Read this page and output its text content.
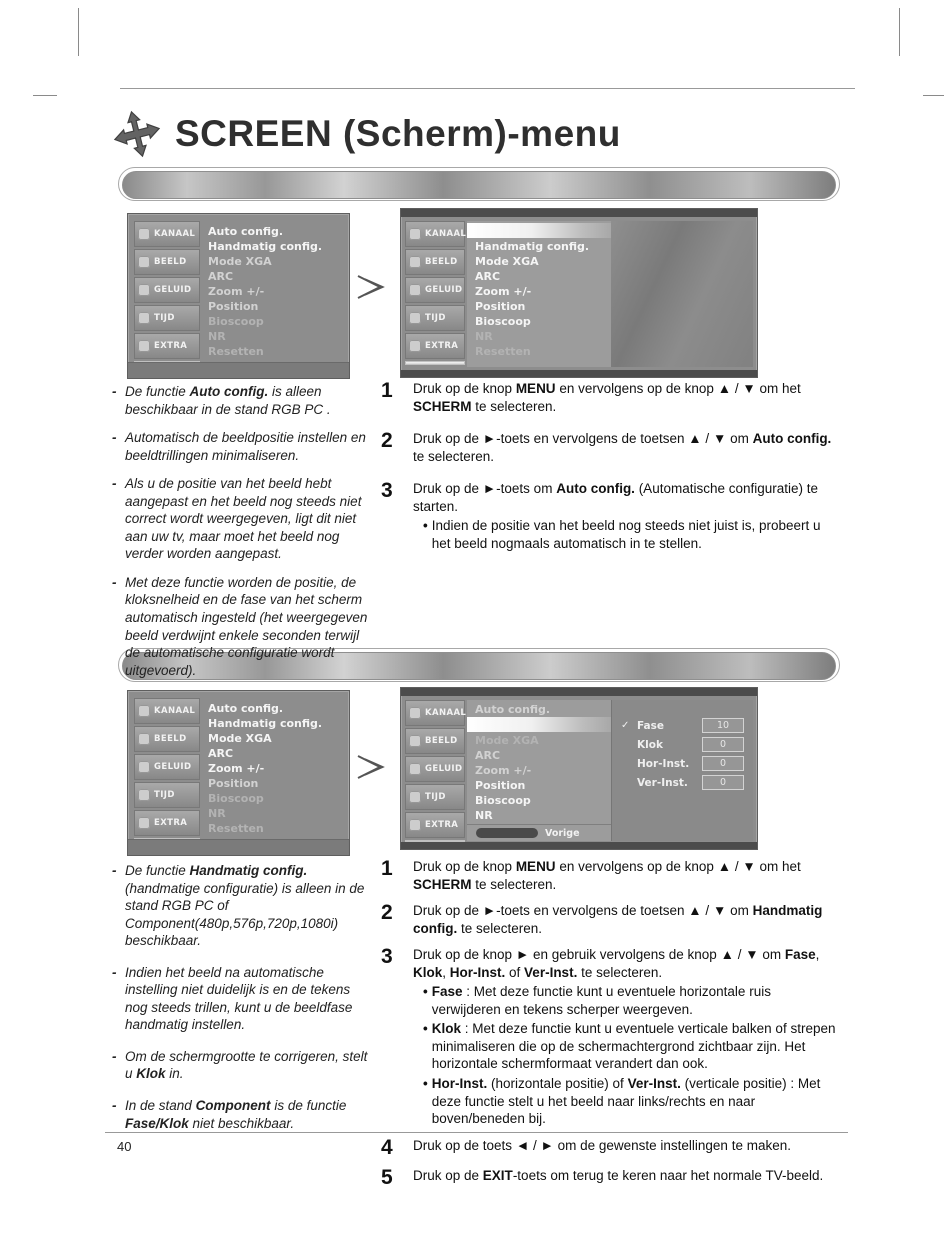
SCREEN (Scherm)-menu
KANAAL
BEELD
GELUID
TIJD
EXTRA
Auto config.
Handmatig config.
Mode XGA
ARC
Zoom +/-
Position
Bioscoop
NR
Resetten
KANAAL
BEELD
GELUID
TIJD
EXTRA
Handmatig config.
Mode XGA
ARC
Zoom +/-
Position
Bioscoop
NR
Resetten
- De functie Auto config. is alleen beschikbaar in de stand RGB PC .
- Automatisch de beeldpositie instellen en beeldtrillingen minimaliseren.
- Als u de positie van het beeld hebt aangepast en het beeld nog steeds niet correct wordt weergegeven, ligt dit niet aan uw tv, maar moet het beeld nog verder worden aangepast.
- Met deze functie worden de positie, de kloksnelheid en de fase van het scherm automatisch ingesteld (het weergegeven beeld verdwijnt enkele seconden terwijl de automatische configuratie wordt uitgevoerd).
1	Druk op de knop MENU en vervolgens op de knop ▲ / ▼ om het SCHERM te selecteren.
2	Druk op de ►-toets en vervolgens de toetsen ▲ / ▼ om Auto config. te selecteren.
3	Druk op de ►-toets om Auto config. (Automatische configuratie) te starten.
• Indien de positie van het beeld nog steeds niet juist is, probeert u het beeld nogmaals automatisch in te stellen.
KANAAL
BEELD
GELUID
TIJD
EXTRA
Auto config.
Handmatig config.
Mode XGA
ARC
Zoom +/-
Position
Bioscoop
NR
Resetten
KANAAL
BEELD
GELUID
TIJD
EXTRA
Auto config.
Mode XGA
ARC
Zoom +/-
Position
Bioscoop
NR
Vorige
✓ Fase	10
Klok	0
Hor-Inst.	0
Ver-Inst.	0
- De functie Handmatig config. (handmatige configuratie) is alleen in de stand RGB PC of Component(480p,576p,720p,1080i) beschikbaar.
- Indien het beeld na automatische instelling niet duidelijk is en de tekens nog steeds trillen, kunt u de beeldfase handmatig instellen.
- Om de schermgrootte te corrigeren, stelt u Klok in.
- In de stand Component is de functie Fase/Klok niet beschikbaar.
1	Druk op de knop MENU en vervolgens op de knop ▲ / ▼ om het SCHERM te selecteren.
2	Druk op de ►-toets en vervolgens de toetsen ▲ / ▼ om Handmatig config. te selecteren.
3	Druk op de knop ► en gebruik vervolgens de knop ▲ / ▼ om Fase, Klok, Hor-Inst. of Ver-Inst. te selecteren.
• Fase : Met deze functie kunt u eventuele horizontale ruis verwijderen en tekens scherper weergeven.
• Klok : Met deze functie kunt u eventuele verticale balken of strepen minimaliseren die op de schermachtergrond zichtbaar zijn. Het horizontale schermformaat verandert dan ook.
• Hor-Inst. (horizontale positie) of Ver-Inst. (verticale positie) : Met deze functie stelt u het beeld naar links/rechts en naar boven/beneden bij.
4	Druk op de toets ◄ / ► om de gewenste instellingen te maken.
5	Druk op de EXIT-toets om terug te keren naar het normale TV-beeld.
40
